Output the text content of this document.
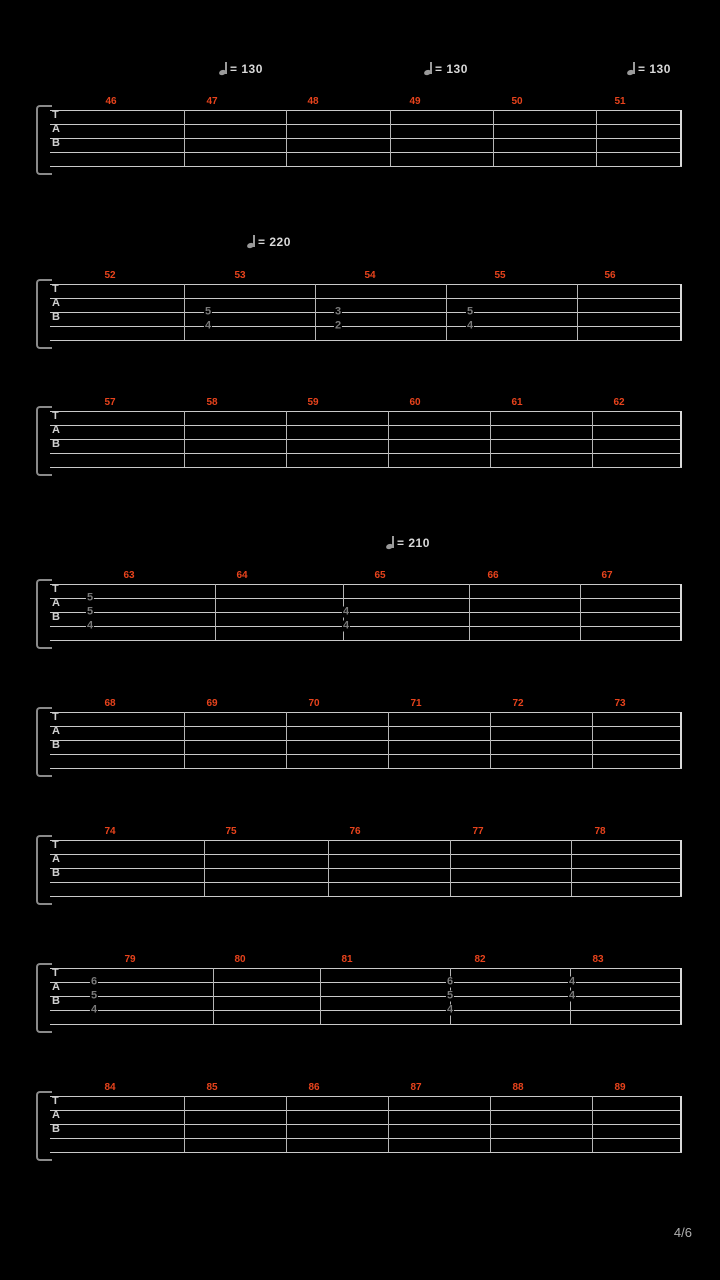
= 130	= 130	= 130
= 220
= 210
46	47	48	49	50	51
T
A
B
52	53	54	55	56
5
4
3
2
5
4
T
A
B
57	58	59	60	61	62
T
A
B
63	64	65	66	67
5
5
4
4
4
T
A
B
68	69	70	71	72	73
T
A
B
74	75	76	77	78
T
A
B
79	80	81	82	83
6
5
4
6
5
4
4
4
T
A
B
84	85	86	87	88	89
T
A
B
4/6
